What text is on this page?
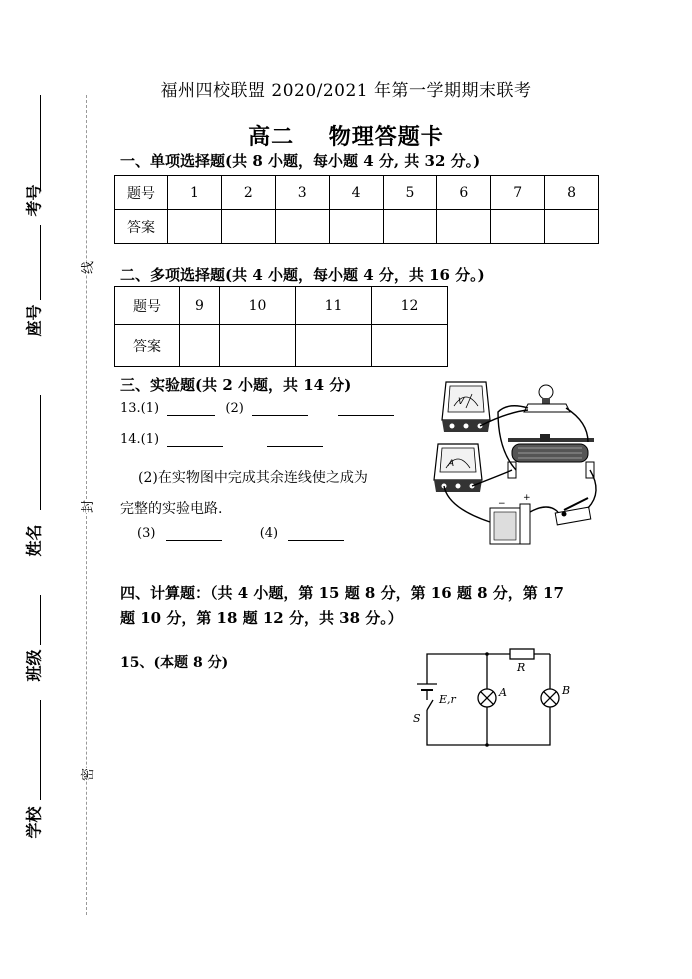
考号
座号
姓名
班级
学校
线
封
密
福州四校联盟 2020/2021 年第一学期期末联考
高二    物理答题卡
一、单项选择题(共 8 小题，每小题 4 分, 共 32 分。)
题号	1	2	3	4	5	6	7	8
答案								
二、多项选择题(共 4 小题，每小题 4 分，共 16 分。)
题号	9	10	11	12
答案				
三、实验题(共 2 小题，共 14 分)
13.(1)	(2)
14.(1)
(2)在实物图中完成其余连线使之成为
完整的实验电路.
(3)	(4)
V
A
+
−
四、计算题：（共 4 小题，第 15 题 8 分，第 16 题 8 分，第 17
题 10 分，第 18 题 12 分，共 38 分。）
15、(本题 8 分)	R
A	B
E,r
S
